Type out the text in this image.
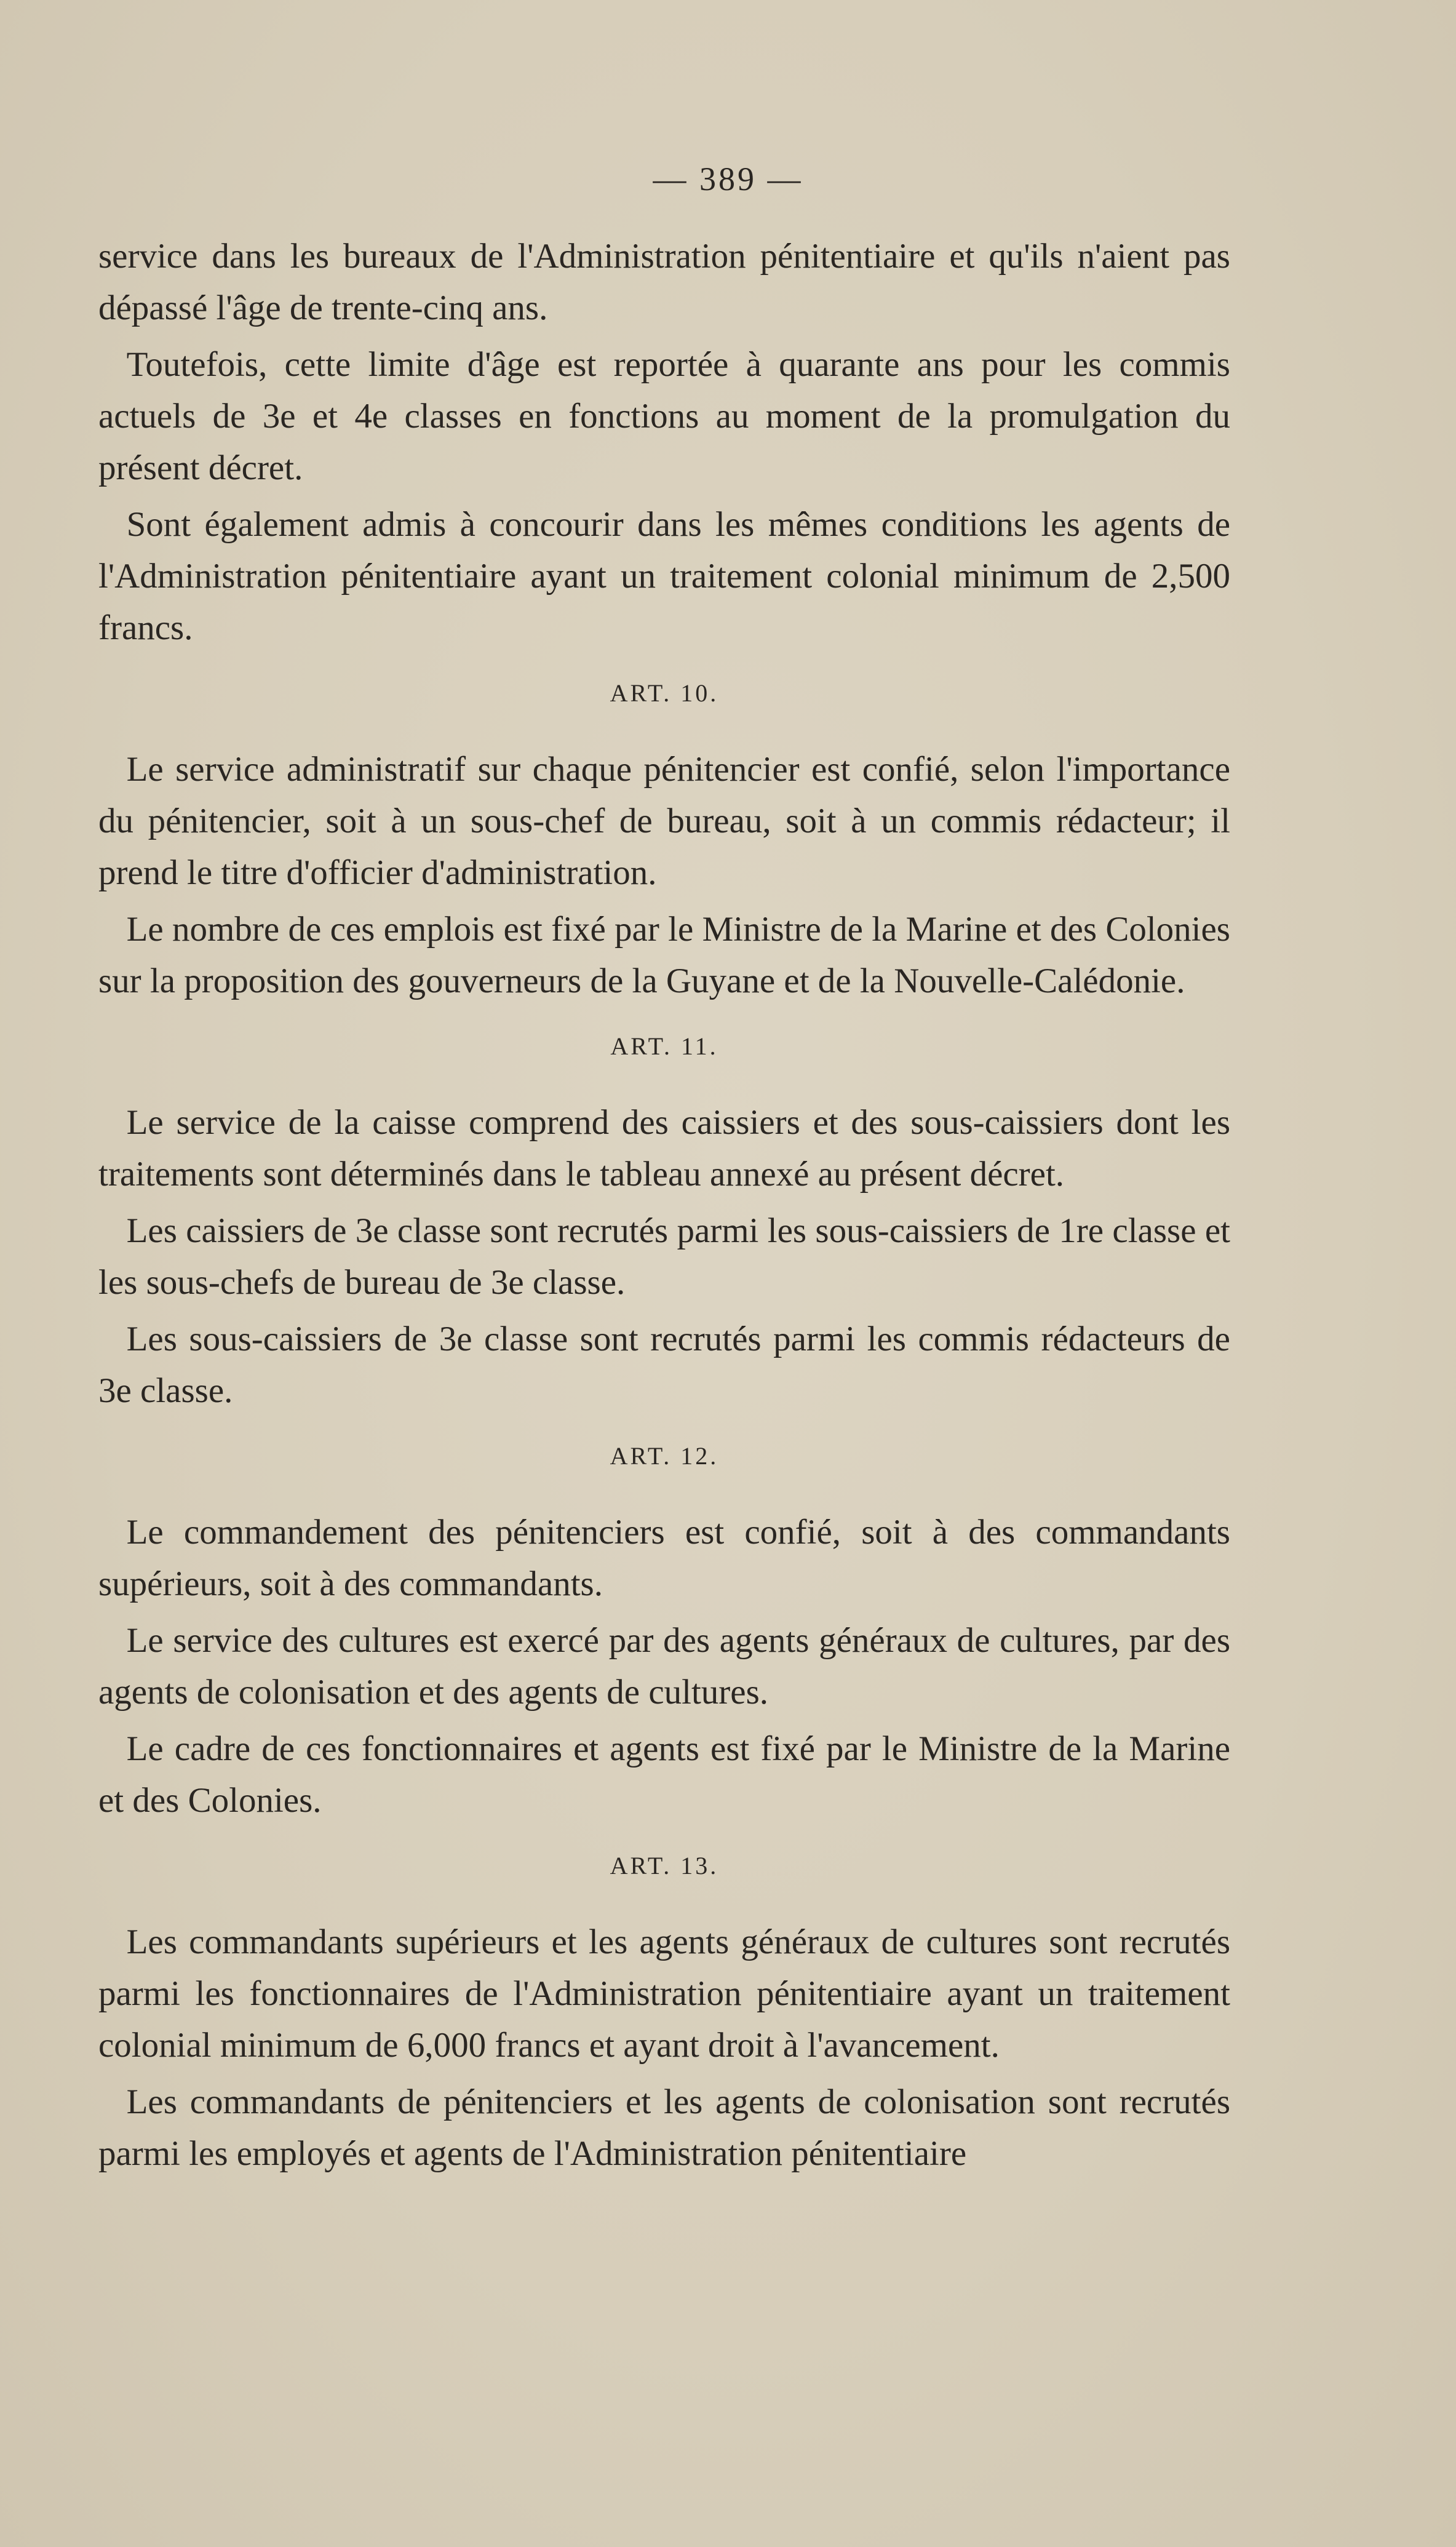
— 389 —

service dans les bureaux de l'Administration pénitentiaire et qu'ils n'aient pas dépassé l'âge de trente-cinq ans.

Toutefois, cette limite d'âge est reportée à quarante ans pour les commis actuels de 3e et 4e classes en fonctions au moment de la promulgation du présent décret.

Sont également admis à concourir dans les mêmes conditions les agents de l'Administration pénitentiaire ayant un traitement colonial minimum de 2,500 francs.

ART. 10.

Le service administratif sur chaque pénitencier est confié, selon l'importance du pénitencier, soit à un sous-chef de bureau, soit à un commis rédacteur; il prend le titre d'officier d'administration.

Le nombre de ces emplois est fixé par le Ministre de la Marine et des Colonies sur la proposition des gouverneurs de la Guyane et de la Nouvelle-Calédonie.

ART. 11.

Le service de la caisse comprend des caissiers et des sous-caissiers dont les traitements sont déterminés dans le tableau annexé au présent décret.

Les caissiers de 3e classe sont recrutés parmi les sous-caissiers de 1re classe et les sous-chefs de bureau de 3e classe.

Les sous-caissiers de 3e classe sont recrutés parmi les commis rédacteurs de 3e classe.

ART. 12.

Le commandement des pénitenciers est confié, soit à des commandants supérieurs, soit à des commandants.

Le service des cultures est exercé par des agents généraux de cultures, par des agents de colonisation et des agents de cultures.

Le cadre de ces fonctionnaires et agents est fixé par le Ministre de la Marine et des Colonies.

ART. 13.

Les commandants supérieurs et les agents généraux de cultures sont recrutés parmi les fonctionnaires de l'Administration pénitentiaire ayant un traitement colonial minimum de 6,000 francs et ayant droit à l'avancement.

Les commandants de pénitenciers et les agents de colonisation sont recrutés parmi les employés et agents de l'Administration pénitentiaire
